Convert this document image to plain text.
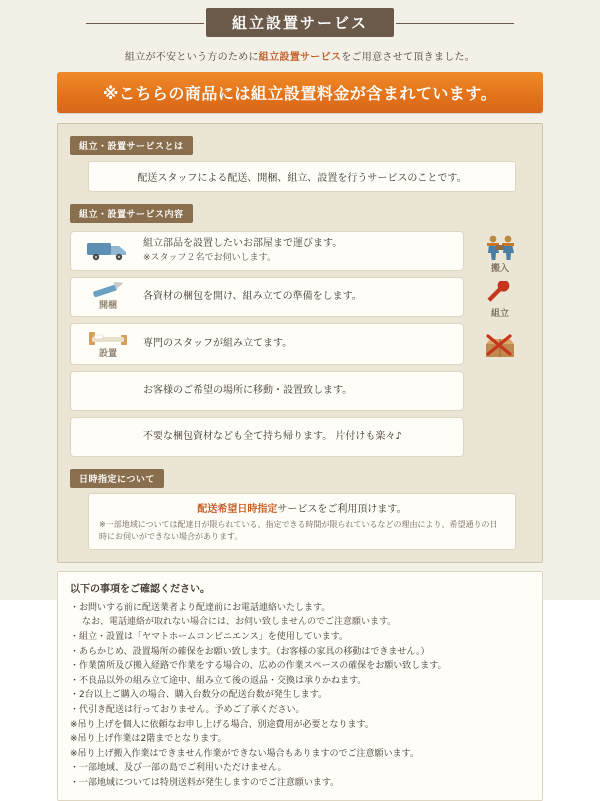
組立設置サービス
組立が不安という方のために組立設置サービスをご用意させて頂きました。
※こちらの商品には組立設置料金が含まれています。
組立・設置サービスとは
配送スタッフによる配送、開梱、組立、設置を行うサービスのことです。
組立・設置サービス内容
搬入
組立
組立部品を設置したいお部屋まで運びます。
※スタッフ２名でお伺いします。
開梱
各資材の梱包を開け、組み立ての準備をします。
設置
専門のスタッフが組み立てます。
お客様のご希望の場所に移動・設置致します。
不要な梱包資材なども全て持ち帰ります。 片付けも楽々♪
日時指定について
配送希望日時指定サービスをご利用頂けます。
※一部地域については配達日が限られている、指定できる時間が限られているなどの理由により、希望通りの日時にお伺いができない場合があります。
以下の事項をご確認ください。
・お問いする前に配送業者より配達前にお電話連絡いたします。
なお、電話連絡が取れない場合には、お伺い致しませんのでご注意願います。
・組立・設置は「ヤマトホームコンビニエンス」を使用しています。
・あらかじめ、設置場所の確保をお願い致します。（お客様の家具の移動はできません。）
・作業箇所及び搬入経路で作業をする場合の、広めの作業スペースの確保をお願い致します。
・不良品以外の組み立て途中、組み立て後の返品・交換は承りかねます。
・2台以上ご購入の場合、購入台数分の配送台数が発生します。
・代引き配送は行っておりません。予めご了承ください。
※吊り上げを個人に依頼なお申し上げる場合、別途費用が必要となります。
※吊り上げ作業は2階までとなります。
※吊り上げ搬入作業はできません作業ができない場合もありますのでご注意願います。
・一部地域、及び一部の島でご利用いただけません。
・一部地域については特別送料が発生しますのでご注意願います。
